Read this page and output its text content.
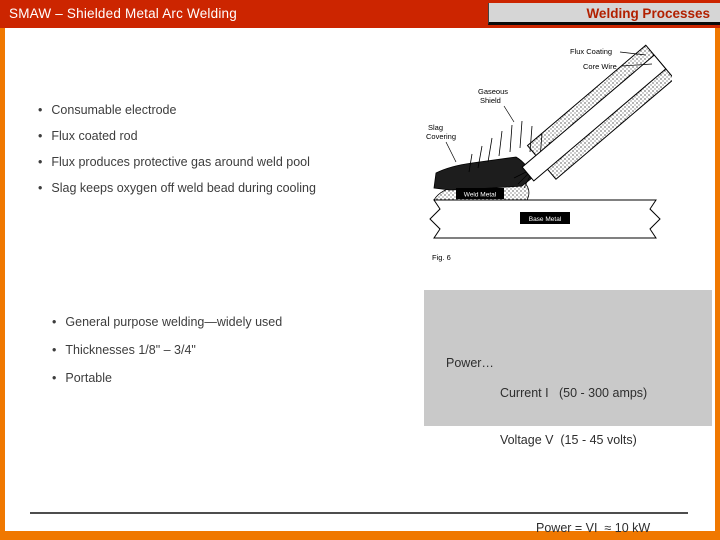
SMAW – Shielded Metal Arc Welding	Welding Processes
• Consumable electrode
• Flux coated rod
• Flux produces protective gas around weld pool
• Slag keeps oxygen off weld bead during cooling
Flux Coating
Core Wire
Gaseous
Shield
Slag
Covering
Weld Metal
Base Metal
Fig. 6
• General purpose welding—widely used
• Thicknesses 1/8" – 3/4"
• Portable

Power…

Current I   (50 - 300 amps)

Voltage V  (15 - 45 volts)

Power = VI  ≈ 10 kW
